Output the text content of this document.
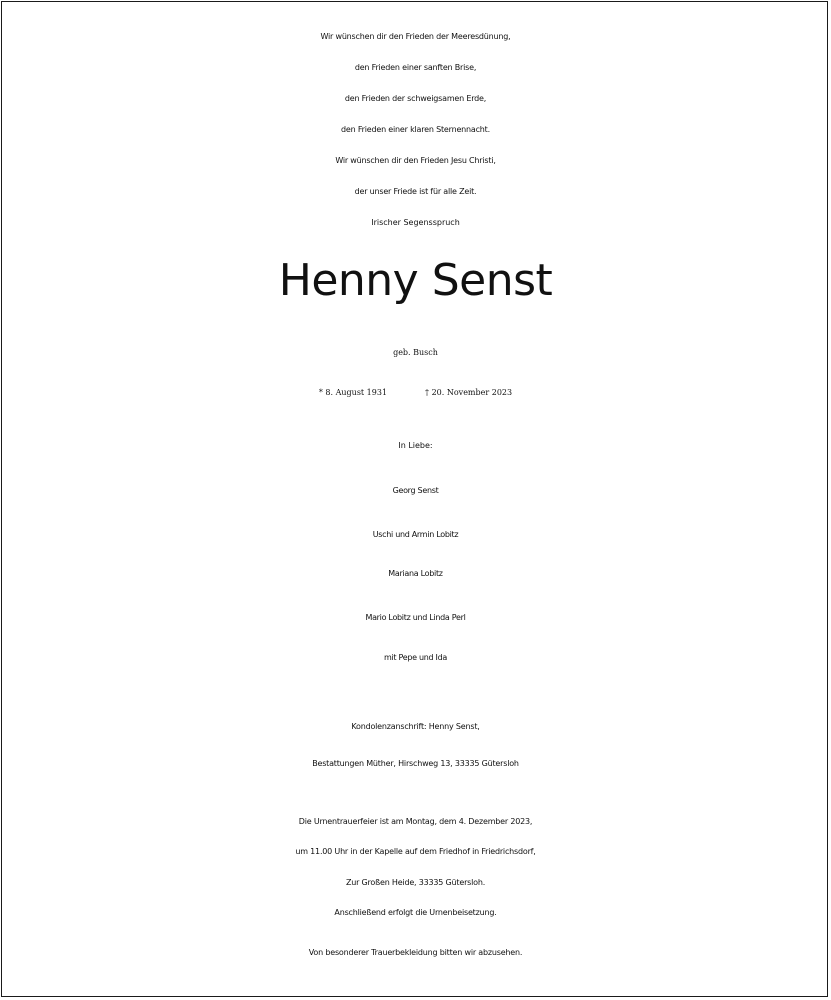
Wir wünschen dir den Frieden der Meeresdünung,
den Frieden einer sanften Brise,
den Frieden der schweigsamen Erde,
den Frieden einer klaren Sternennacht.
Wir wünschen dir den Frieden Jesu Christi,
der unser Friede ist für alle Zeit.
Irischer Segensspruch
Henny Senst
geb. Busch
* 8. August 1931	† 20. November 2023
In Liebe:
Georg Senst
Uschi und Armin Lobitz
Mariana Lobitz
Mario Lobitz und Linda Perl
mit Pepe und Ida
Kondolenzanschrift: Henny Senst,
Bestattungen Müther, Hirschweg 13, 33335 Gütersloh
Die Urnentrauerfeier ist am Montag, dem 4. Dezember 2023,
um 11.00 Uhr in der Kapelle auf dem Friedhof in Friedrichsdorf,
Zur Großen Heide, 33335 Gütersloh.
Anschließend erfolgt die Urnenbeisetzung.
Von besonderer Trauerbekleidung bitten wir abzusehen.
